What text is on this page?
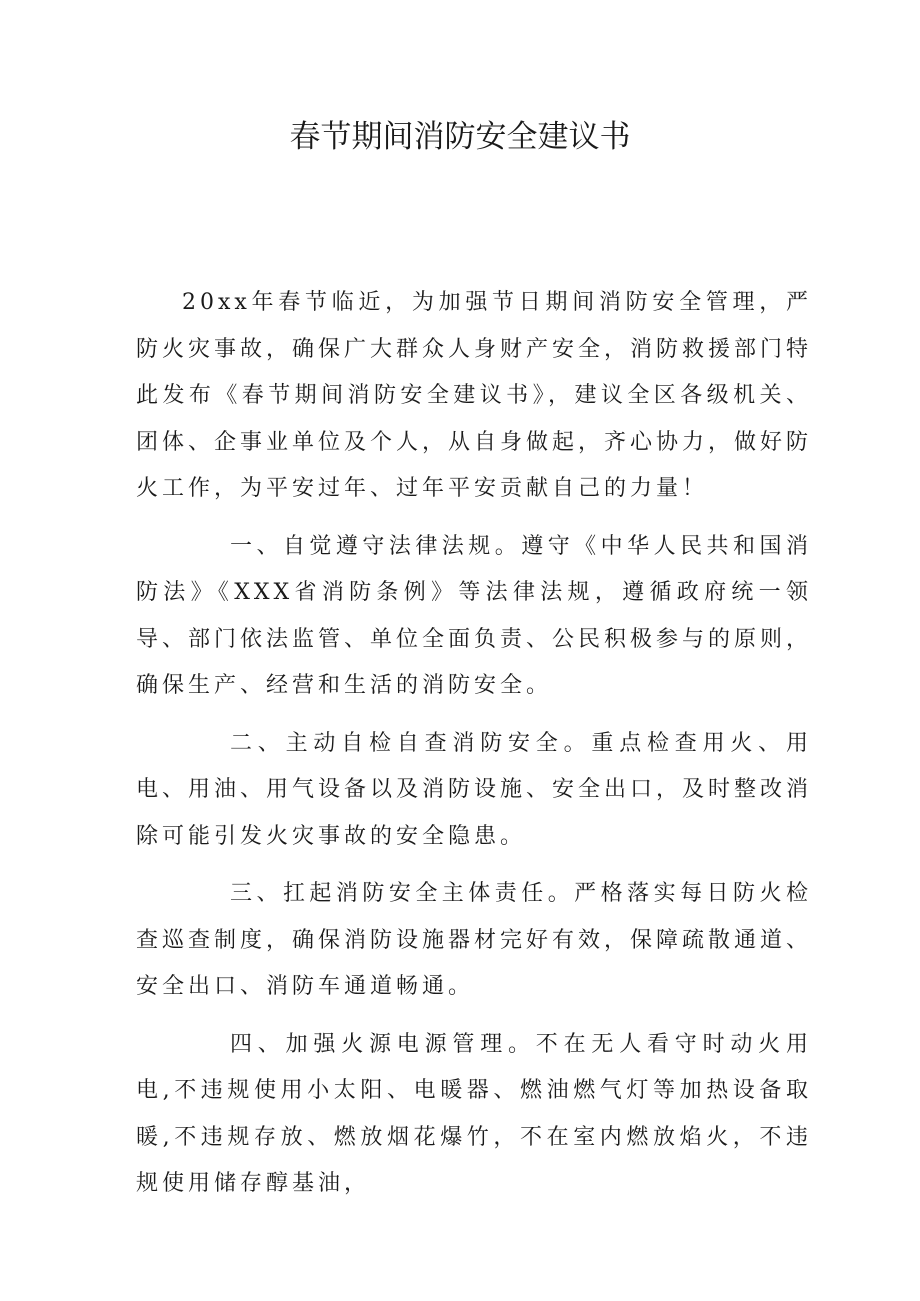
春节期间消防安全建议书

20xx年春节临近，为加强节日期间消防安全管理，严防火灾事故，确保广大群众人身财产安全，消防救援部门特此发布《春节期间消防安全建议书》，建议全区各级机关、团体、企事业单位及个人，从自身做起，齐心协力，做好防火工作，为平安过年、过年平安贡献自己的力量！

一、自觉遵守法律法规。遵守《中华人民共和国消防法》《XXX省消防条例》等法律法规，遵循政府统一领导、部门依法监管、单位全面负责、公民积极参与的原则，确保生产、经营和生活的消防安全。

二、主动自检自查消防安全。重点检查用火、用电、用油、用气设备以及消防设施、安全出口，及时整改消除可能引发火灾事故的安全隐患。

三、扛起消防安全主体责任。严格落实每日防火检查巡查制度，确保消防设施器材完好有效，保障疏散通道、安全出口、消防车通道畅通。

四、加强火源电源管理。不在无人看守时动火用电,不违规使用小太阳、电暖器、燃油燃气灯等加热设备取暖,不违规存放、燃放烟花爆竹，不在室内燃放焰火，不违规使用储存醇基油，
